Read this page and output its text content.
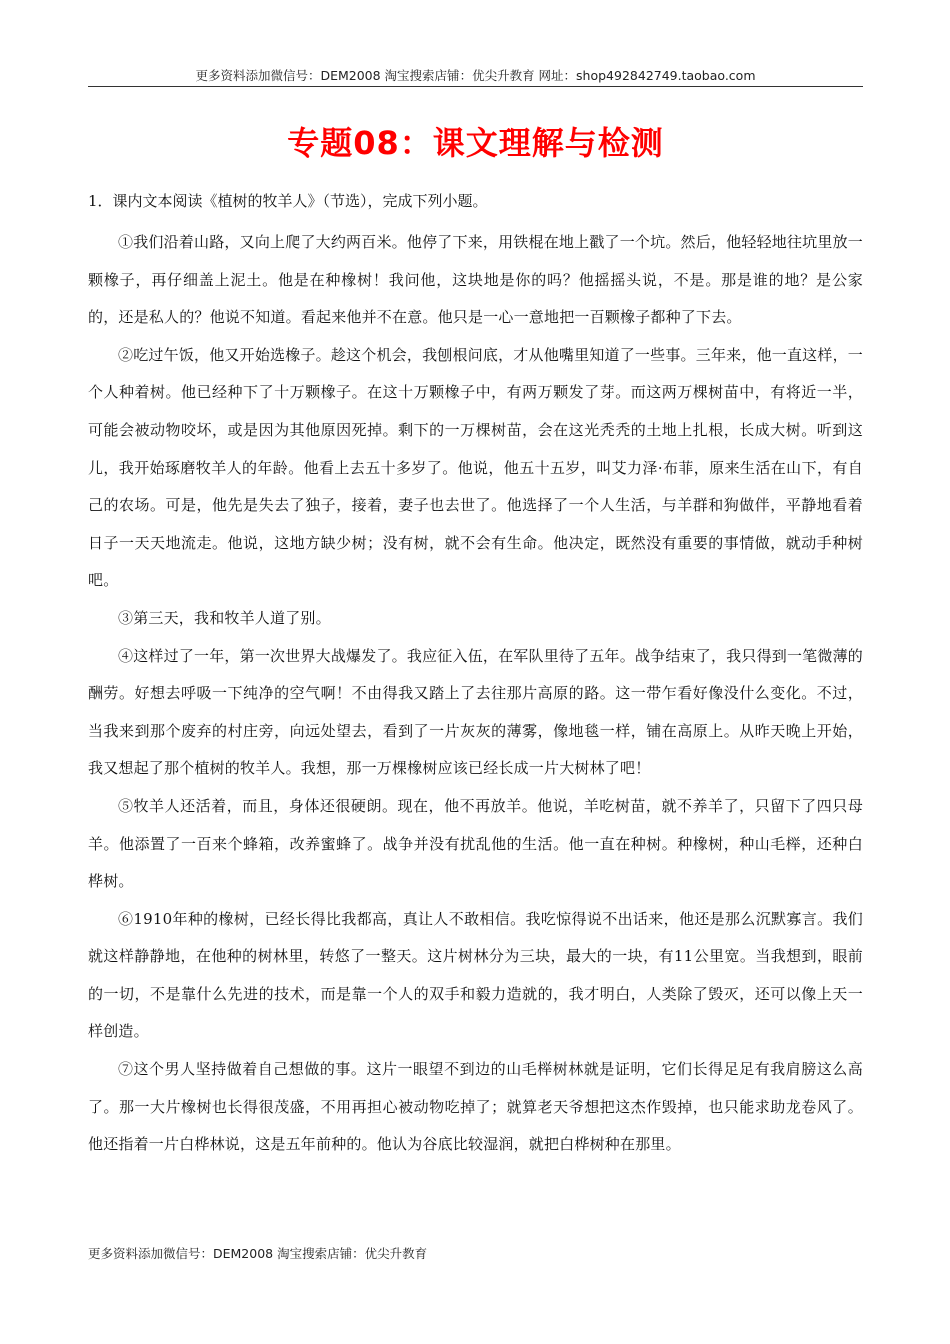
更多资料添加微信号：DEM2008 淘宝搜索店铺：优尖升教育 网址：shop492842749.taobao.com
专题08：课文理解与检测

1．课内文本阅读《植树的牧羊人》（节选），完成下列小题。

①我们沿着山路，又向上爬了大约两百米。他停了下来，用铁棍在地上戳了一个坑。然后，他轻轻地往坑里放一颗橡子，再仔细盖上泥土。他是在种橡树！我问他，这块地是你的吗？他摇摇头说，不是。那是谁的地？是公家的，还是私人的？他说不知道。看起来他并不在意。他只是一心一意地把一百颗橡子都种了下去。

②吃过午饭，他又开始选橡子。趁这个机会，我刨根问底，才从他嘴里知道了一些事。三年来，他一直这样，一个人种着树。他已经种下了十万颗橡子。在这十万颗橡子中，有两万颗发了芽。而这两万棵树苗中，有将近一半，可能会被动物咬坏，或是因为其他原因死掉。剩下的一万棵树苗，会在这光秃秃的土地上扎根，长成大树。听到这儿，我开始琢磨牧羊人的年龄。他看上去五十多岁了。他说，他五十五岁，叫艾力泽·布菲，原来生活在山下，有自己的农场。可是，他先是失去了独子，接着，妻子也去世了。他选择了一个人生活，与羊群和狗做伴，平静地看着日子一天天地流走。他说，这地方缺少树；没有树，就不会有生命。他决定，既然没有重要的事情做，就动手种树吧。

③第三天，我和牧羊人道了别。

④这样过了一年，第一次世界大战爆发了。我应征入伍，在军队里待了五年。战争结束了，我只得到一笔微薄的酬劳。好想去呼吸一下纯净的空气啊！不由得我又踏上了去往那片高原的路。这一带乍看好像没什么变化。不过，当我来到那个废弃的村庄旁，向远处望去，看到了一片灰灰的薄雾，像地毯一样，铺在高原上。从昨天晚上开始，我又想起了那个植树的牧羊人。我想，那一万棵橡树应该已经长成一片大树林了吧！

⑤牧羊人还活着，而且，身体还很硬朗。现在，他不再放羊。他说，羊吃树苗，就不养羊了，只留下了四只母羊。他添置了一百来个蜂箱，改养蜜蜂了。战争并没有扰乱他的生活。他一直在种树。种橡树，种山毛榉，还种白桦树。

⑥1910年种的橡树，已经长得比我都高，真让人不敢相信。我吃惊得说不出话来，他还是那么沉默寡言。我们就这样静静地，在他种的树林里，转悠了一整天。这片树林分为三块，最大的一块，有11公里宽。当我想到，眼前的一切，不是靠什么先进的技术，而是靠一个人的双手和毅力造就的，我才明白，人类除了毁灭，还可以像上天一样创造。

⑦这个男人坚持做着自己想做的事。这片一眼望不到边的山毛榉树林就是证明，它们长得足足有我肩膀这么高了。那一大片橡树也长得很茂盛，不用再担心被动物吃掉了；就算老天爷想把这杰作毁掉，也只能求助龙卷风了。他还指着一片白桦林说，这是五年前种的。他认为谷底比较湿润，就把白桦树种在那里。

更多资料添加微信号：DEM2008 淘宝搜索店铺：优尖升教育
